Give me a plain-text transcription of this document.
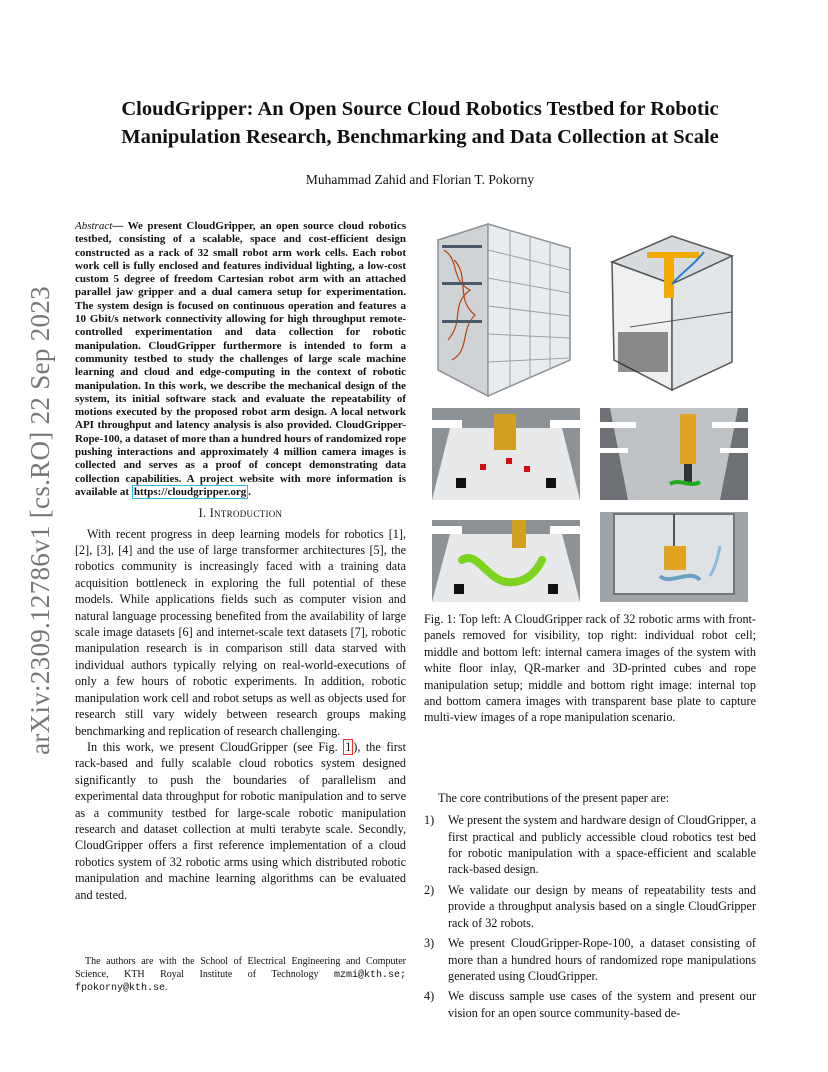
arXiv:2309.12786v1 [cs.RO] 22 Sep 2023
CloudGripper: An Open Source Cloud Robotics Testbed for Robotic Manipulation Research, Benchmarking and Data Collection at Scale
Muhammad Zahid and Florian T. Pokorny

Abstract— We present CloudGripper, an open source cloud robotics testbed, consisting of a scalable, space and cost-efficient design constructed as a rack of 32 small robot arm work cells. Each robot work cell is fully enclosed and features individual lighting, a low-cost custom 5 degree of freedom Cartesian robot arm with an attached parallel jaw gripper and a dual camera setup for experimentation. The system design is focused on continuous operation and features a 10 Gbit/s network connectivity allowing for high throughput remote-controlled experimentation and data collection for robotic manipulation. CloudGripper furthermore is intended to form a community testbed to study the challenges of large scale machine learning and cloud and edge-computing in the context of robotic manipulation. In this work, we describe the mechanical design of the system, its initial software stack and evaluate the repeatability of motions executed by the proposed robot arm design. A local network API throughput and latency analysis is also provided. CloudGripper-Rope-100, a dataset of more than a hundred hours of randomized rope pushing interactions and approximately 4 million camera images is collected and serves as a proof of concept demonstrating data collection capabilities. A project website with more information is available at https://cloudgripper.org .

I. Introduction

With recent progress in deep learning models for robotics [1], [2], [3], [4] and the use of large transformer architectures [5], the robotics community is increasingly faced with a training data acquisition bottleneck in exploring the full potential of these models. While applications fields such as computer vision and natural language processing benefited from the availability of large scale image datasets [6] and internet-scale text datasets [7], robotic manipulation research is in comparison still data starved with individual authors typically relying on real-world-executions of only a few hours of robotic experiments. In addition, robotic manipulation work cell and robot setups as well as objects used for research still vary widely between research groups making benchmarking and replication of research challenging.

In this work, we present CloudGripper (see Fig. 1 ), the first rack-based and fully scalable cloud robotics system designed significantly to push the boundaries of parallelism and experimental data throughput for robotic manipulation and to serve as a community testbed for large-scale robotic manipulation research and dataset collection at multi terabyte scale. Secondly, CloudGripper offers a first reference implementation of a cloud robotics system of 32 robotic arms using which distributed robotic manipulation and machine learning algorithms can be evaluated and tested.

The authors are with the School of Electrical Engineering and Computer Science, KTH Royal Institute of Technology mzmi@kth.se; fpokorny@kth.se.

Fig. 1: Top left: A CloudGripper rack of 32 robotic arms with front-panels removed for visibility, top right: individual robot cell; middle and bottom left: internal camera images of the system with white floor inlay, QR-marker and 3D-printed cubes and rope manipulation setup; middle and bottom right image: internal top and bottom camera images with transparent base plate to capture multi-view images of a rope manipulation scenario.

The core contributions of the present paper are:

1) We present the system and hardware design of CloudGripper, a first practical and publicly accessible cloud robotics test bed for robotic manipulation with a space-efficient and scalable rack-based design.
2) We validate our design by means of repeatability tests and provide a throughput analysis based on a single CloudGripper rack of 32 robots.
3) We present CloudGripper-Rope-100, a dataset consisting of more than a hundred hours of randomized rope manipulations generated using CloudGripper.
4) We discuss sample use cases of the system and present our vision for an open source community-based de-
